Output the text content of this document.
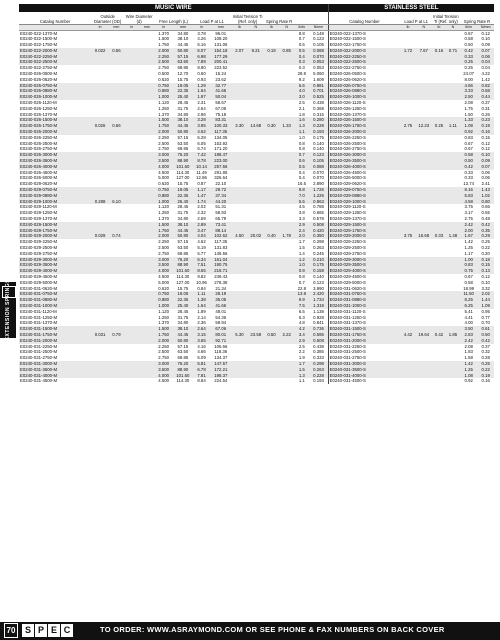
EXTENSION SPRINGS
MUSIC WIRE															STAINLESS STEEL						
Catalog Number	Outside Diameter (OD)		Wire Diameter (d)		Free Length (L)		Load P at L1		Initial Tension Ti (Ref. only)		Spring Rate R				Catalog Number	Load P at L1		Initial Tension Ti (Ref. only)		Spring Rate R	
	in	mm	in	mm	in	mm	in	mm	lb	N	lb	N	lb/in	N/mm		lb	N	lb	N	lb/in	N/mm
E0240-022-1370-M					1.370	34.80	3.78	96.01					8.8	0.148	E0240-022-1370-S					0.67	0.12
E0240-022-1500-M					1.500	38.10	4.26	108.20					0.7	0.123	E0240-022-1500-S					0.58	0.10
E0240-022-1750-M					1.750	44.45	5.16	131.06					0.6	0.105	E0240-022-1750-S					0.50	0.09
E0240-022-2000-M	0.022	0.56			2.000	50.80	6.07	154.18	2.07	9.21	0.19	0.85	0.5	0.088	E0240-022-2000-S	1.72	7.67	0.16	0.71	0.42	0.07
E0240-022-2250-M					2.250	57.15	6.98	177.29					0.4	0.070	E0240-022-2250-S					0.33	0.06
E0240-022-2500-M					2.500	63.50	7.89	200.41					0.3	0.053	E0240-022-2500-S					0.25	0.04
E0240-022-2750-M					2.750	69.85	8.80	223.52					0.3	0.053	E0240-022-2750-S					0.25	0.04
E0240-026-0500-M					0.500	12.70	0.60	15.24					28.9	5.060	E0240-026-0500-S					24.07	4.22
E0240-026-0620-M					0.620	15.75	0.93	23.62					9.2	1.609	E0240-026-0620-S					8.00	1.42
E0240-026-0750-M					0.750	19.05	1.29	32.77					5.6	0.981	E0240-026-0750-S					4.66	0.82
E0240-026-0880-M					0.880	22.35	1.64	41.66					4.0	0.701	E0240-026-0880-S					3.33	0.58
E0240-026-1000-M					1.000	25.40	1.97	50.04					3.0	0.525	E0240-026-1000-S					2.50	0.44
E0240-026-1120-M					1.120	28.45	2.31	58.67					2.5	0.438	E0240-026-1120-S					2.08	0.37
E0240-026-1250-M					1.250	31.75	2.64	67.06					2.1	0.368	E0240-026-1250-S					1.75	0.31
E0240-026-1370-M					1.370	34.80	2.96	75.18					1.8	0.315	E0240-026-1370-S					1.50	0.26
E0240-026-1500-M					1.500	38.10	3.28	83.31					1.6	0.280	E0240-026-1500-S					1.33	0.23
E0240-026-1750-M	0.026	0.66			1.750	44.45	3.95	100.33	3.30	14.68	0.30	1.33	1.3	0.228	E0240-026-1750-S	2.75	12.23	0.25	1.11	1.08	0.19
E0240-026-2000-M					2.000	50.80	4.62	117.35					1.1	0.193	E0240-026-2000-S					0.92	0.16
E0240-026-2250-M					2.250	57.15	5.28	134.05					1.0	0.175	E0240-026-2250-S					0.83	0.15
E0240-026-2500-M					2.500	63.50	6.05	153.92					0.8	0.140	E0240-026-2500-S					0.67	0.12
E0240-026-2750-M					2.750	69.85	6.74	171.20					0.8	0.140	E0240-026-2750-S					0.67	0.12
E0240-026-3000-M					3.000	76.20	7.42	188.47					0.7	0.123	E0240-026-3000-S					0.58	0.10
E0240-026-3500-M					3.500	88.90	8.78	223.00					0.6	0.105	E0240-026-3500-S					0.50	0.09
E0240-026-4000-M					4.000	101.60	10.14	257.56					0.5	0.088	E0240-026-4000-S					0.42	0.07
E0240-026-4500-M					4.500	114.30	11.49	291.85					0.4	0.070	E0240-026-4500-S					0.33	0.06
E0240-026-5000-M					5.000	127.00	12.86	326.64					0.4	0.070	E0240-026-5000-S					0.33	0.06
E0240-029-0620-M					0.620	15.75	0.87	22.10					16.5	2.890	E0240-029-0620-S					13.74	2.41
E0240-029-0750-M					0.750	19.05	1.17	29.72					9.8	1.726	E0240-029-0750-S					8.16	1.43
E0240-029-0880-M					0.880	22.35	1.47	37.34					7.0	1.226	E0240-029-0880-S					5.83	1.02
E0240-029-1000-M	0.288	6.10			1.000	25.40	1.74	44.20					5.5	0.963	E0240-029-1000-S					4.58	0.80
E0240-029-1120-M					1.120	28.45	2.02	51.31					4.5	0.788	E0240-029-1120-S					3.75	0.66
E0240-029-1250-M					1.250	31.75	2.32	58.93					3.8	0.665	E0240-029-1250-S					3.17	0.55
E0240-029-1370-M					1.370	34.80	2.59	65.79					3.3	0.578	E0240-029-1370-S					2.75	0.48
E0240-029-1500-M					1.500	38.10	2.89	73.41					2.9	0.508	E0240-029-1500-S					2.42	0.42
E0240-029-1750-M					1.750	44.45	3.47	88.14					2.4	0.420	E0240-029-1750-S					2.00	0.35
E0240-029-2000-M	0.029	0.74			2.000	50.80	4.04	102.62	4.50	20.02	0.40	1.78	2.0	0.350	E0240-029-2000-S	3.75	16.68	0.33	1.48	1.67	0.29
E0240-029-2250-M					2.250	57.15	4.62	117.35					1.7	0.298	E0240-029-2250-S					1.42	0.25
E0240-029-2500-M					2.500	63.50	5.19	131.83					1.5	0.263	E0240-029-2500-S					1.25	0.22
E0240-029-2750-M					2.750	69.85	5.77	146.56					1.4	0.245	E0240-029-2750-S					1.17	0.20
E0240-029-3000-M					3.000	76.20	6.34	161.04					1.2	0.210	E0240-029-3000-S					1.00	0.18
E0240-029-3500-M					3.500	88.90	7.51	190.75					1.0	0.175	E0240-029-3500-S					0.83	0.15
E0240-029-4000-M					4.000	101.60	8.65	219.71					0.9	0.158	E0240-029-4000-S					0.75	0.13
E0240-029-4500-M					4.500	114.30	9.82	249.43					0.8	0.140	E0240-029-4500-S					0.67	0.12
E0240-029-5000-M					5.000	127.00	10.96	278.38					0.7	0.123	E0240-029-5000-S					0.58	0.10
E0240-031-0620-M					0.620	15.75	0.84	21.34					22.8	3.990	E0240-031-0620-S					18.99	3.32
E0240-031-0750-M					0.750	19.05	1.11	28.19					13.8	2.420	E0240-031-0750-S					11.50	2.02
E0240-031-0880-M					0.880	22.35	1.38	35.05					9.9	1.734	E0240-031-0880-S					8.25	1.44
E0240-031-1000-M					1.000	25.40	1.64	41.66					7.5	1.319	E0240-031-1000-S					6.25	1.09
E0240-031-1120-M					1.120	28.45	1.89	48.01					6.5	1.138	E0240-031-1120-S					5.41	0.95
E0240-031-1250-M					1.250	31.75	2.14	54.36					5.3	0.928	E0240-031-1250-S					4.41	0.77
E0240-031-1370-M					1.370	34.80	2.36	59.94					4.8	0.841	E0240-031-1370-S					4.00	0.70
E0240-031-1500-M					1.500	38.10	2.64	67.06					4.2	0.736	E0240-031-1500-S					3.50	0.61
E0240-031-1750-M	0.031	0.79			1.750	44.45	3.15	80.01	5.30	23.58	0.50	2.22	3.4	0.595	E0240-031-1750-S	4.42	19.64	0.42	1.85	2.83	0.50
E0240-031-2000-M					2.000	50.80	3.65	92.71					2.9	0.508	E0240-031-2000-S					2.42	0.42
E0240-031-2250-M					2.250	57.15	4.16	105.66					2.5	0.438	E0240-031-2250-S					2.08	0.37
E0240-031-2500-M					2.500	63.50	4.66	118.36					2.2	0.385	E0240-031-2500-S					1.83	0.32
E0240-031-2750-M					2.750	69.85	5.09	134.37					1.9	0.333	E0240-031-2750-S					1.58	0.28
E0240-031-3000-M					3.000	76.20	5.81	147.57					1.7	0.298	E0240-031-3000-S					1.42	0.25
E0240-031-3500-M					3.500	88.90	6.78	172.21					1.5	0.263	E0240-031-3500-S					1.25	0.22
E0240-031-4000-M					4.000	101.60	7.81	198.37					1.3	0.228	E0240-031-4000-S					1.08	0.19
E0240-031-4500-M					4.500	114.30	8.84	224.54					1.1	0.193	E0240-031-4500-S					0.92	0.16
70	S P E C	TO ORDER: WWW.ASRAYMOND.COM OR SEE PHONE & FAX NUMBERS ON BACK COVER
